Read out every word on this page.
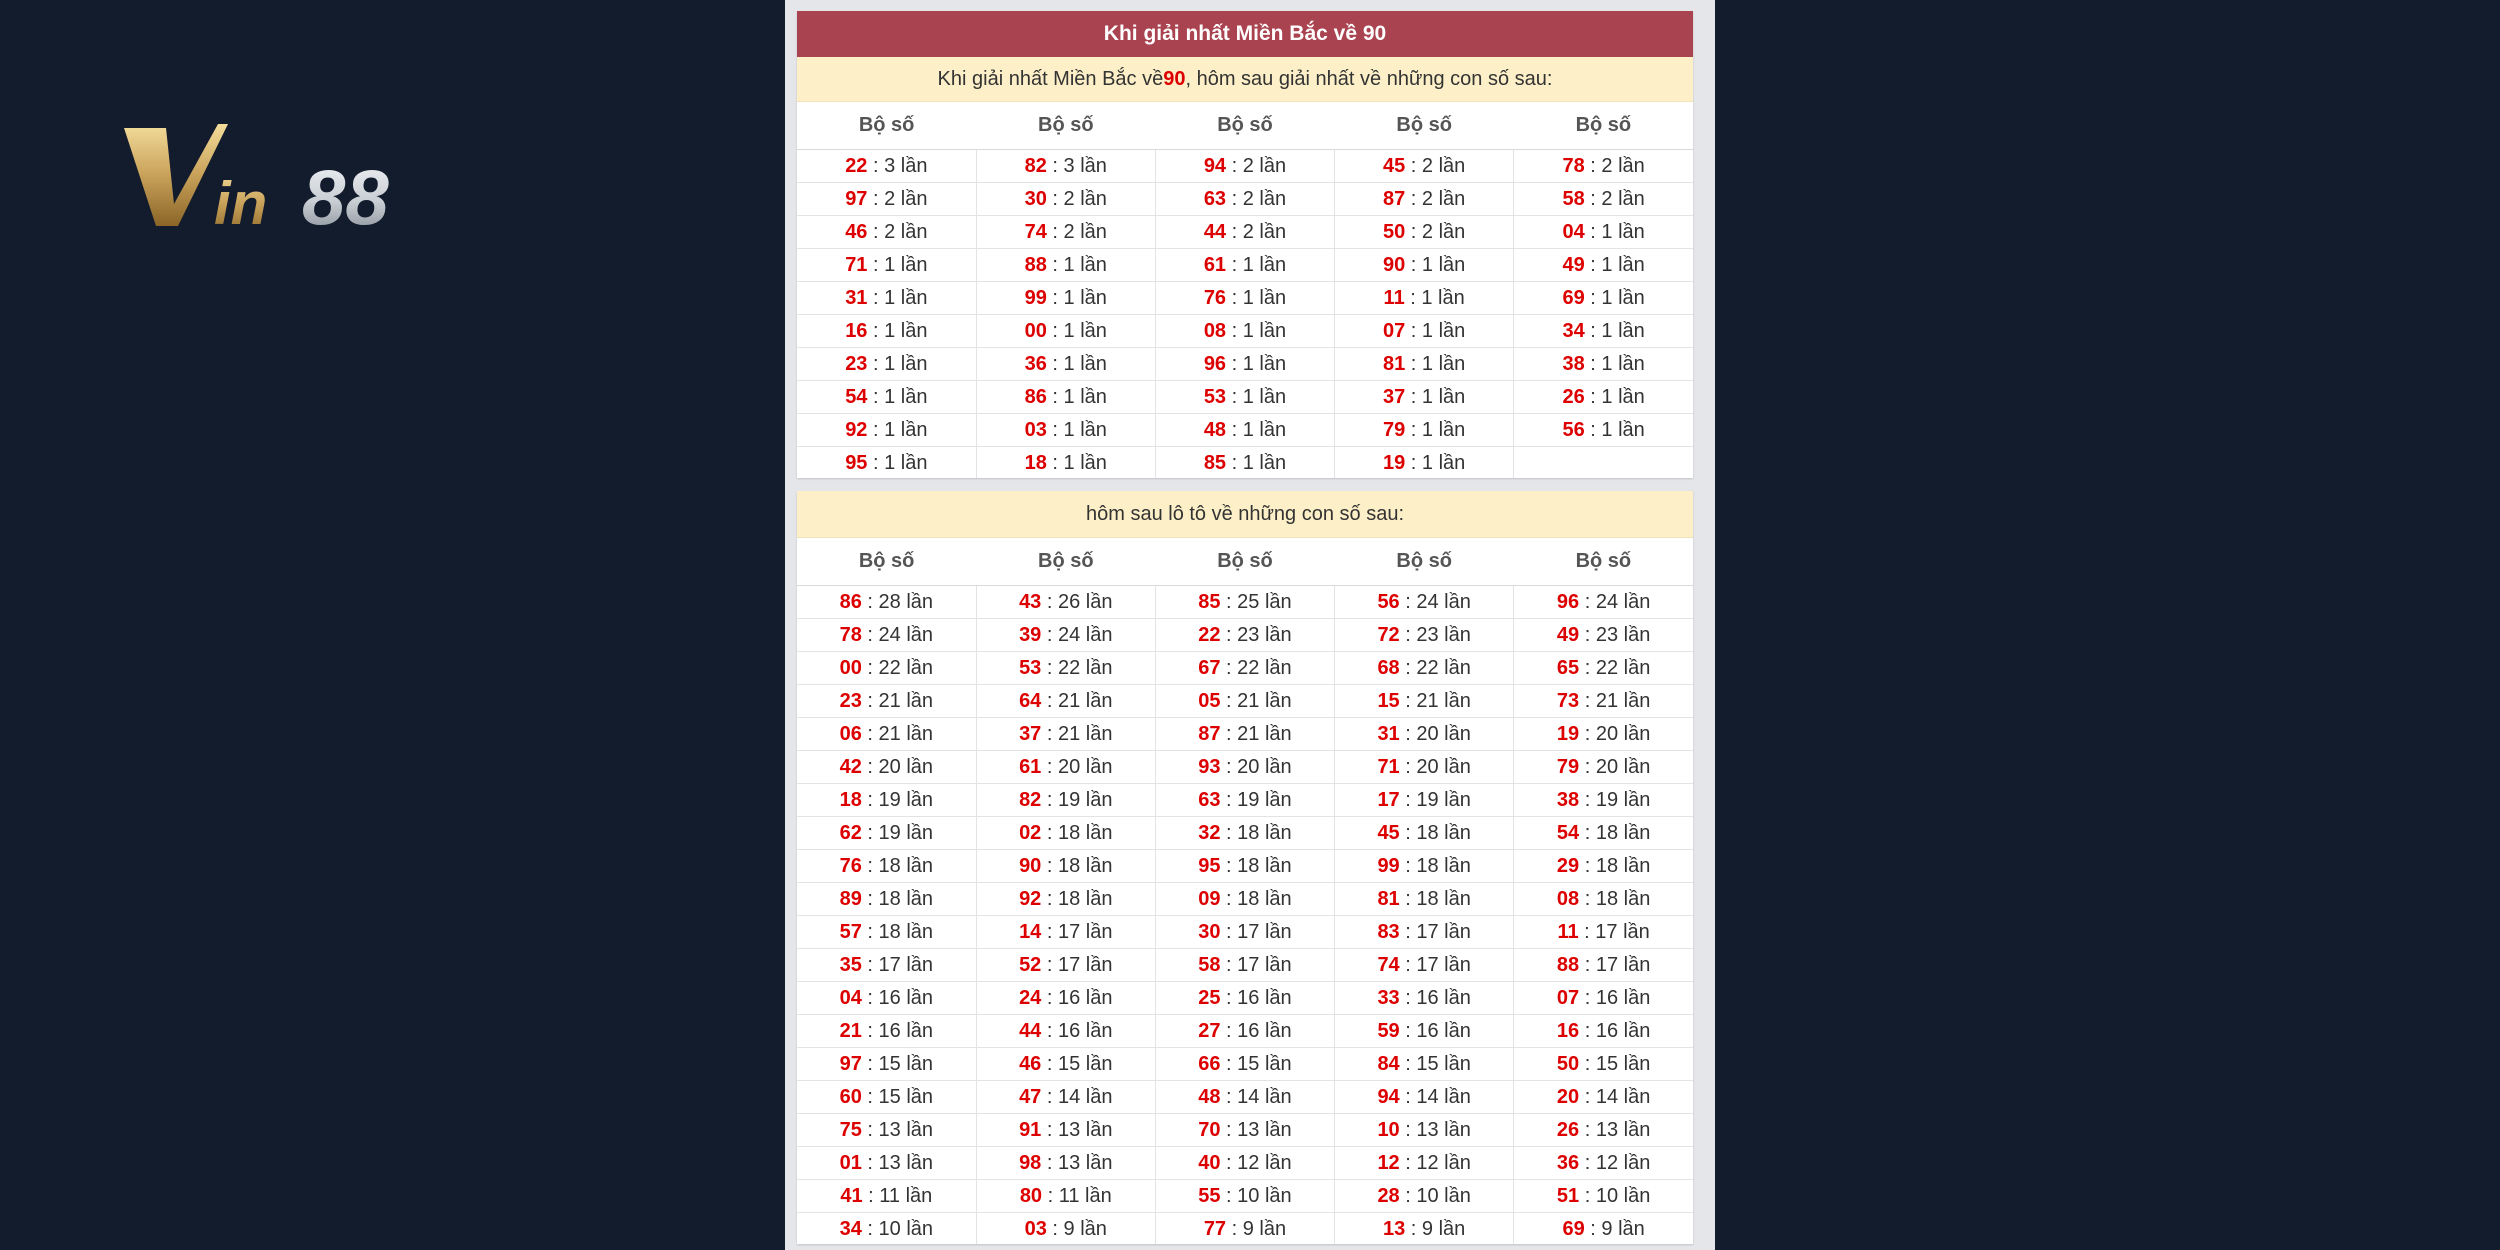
in 88
Khi giải nhất Miền Bắc về 90
Khi giải nhất Miền Bắc về 90 , hôm sau giải nhất về những con số sau:
Bộ số	Bộ số	Bộ số	Bộ số	Bộ số
22 : 3 lần	82 : 3 lần	94 : 2 lần	45 : 2 lần	78 : 2 lần
97 : 2 lần	30 : 2 lần	63 : 2 lần	87 : 2 lần	58 : 2 lần
46 : 2 lần	74 : 2 lần	44 : 2 lần	50 : 2 lần	04 : 1 lần
71 : 1 lần	88 : 1 lần	61 : 1 lần	90 : 1 lần	49 : 1 lần
31 : 1 lần	99 : 1 lần	76 : 1 lần	11 : 1 lần	69 : 1 lần
16 : 1 lần	00 : 1 lần	08 : 1 lần	07 : 1 lần	34 : 1 lần
23 : 1 lần	36 : 1 lần	96 : 1 lần	81 : 1 lần	38 : 1 lần
54 : 1 lần	86 : 1 lần	53 : 1 lần	37 : 1 lần	26 : 1 lần
92 : 1 lần	03 : 1 lần	48 : 1 lần	79 : 1 lần	56 : 1 lần
95 : 1 lần	18 : 1 lần	85 : 1 lần	19 : 1 lần	
hôm sau lô tô về những con số sau:
Bộ số	Bộ số	Bộ số	Bộ số	Bộ số
86 : 28 lần	43 : 26 lần	85 : 25 lần	56 : 24 lần	96 : 24 lần
78 : 24 lần	39 : 24 lần	22 : 23 lần	72 : 23 lần	49 : 23 lần
00 : 22 lần	53 : 22 lần	67 : 22 lần	68 : 22 lần	65 : 22 lần
23 : 21 lần	64 : 21 lần	05 : 21 lần	15 : 21 lần	73 : 21 lần
06 : 21 lần	37 : 21 lần	87 : 21 lần	31 : 20 lần	19 : 20 lần
42 : 20 lần	61 : 20 lần	93 : 20 lần	71 : 20 lần	79 : 20 lần
18 : 19 lần	82 : 19 lần	63 : 19 lần	17 : 19 lần	38 : 19 lần
62 : 19 lần	02 : 18 lần	32 : 18 lần	45 : 18 lần	54 : 18 lần
76 : 18 lần	90 : 18 lần	95 : 18 lần	99 : 18 lần	29 : 18 lần
89 : 18 lần	92 : 18 lần	09 : 18 lần	81 : 18 lần	08 : 18 lần
57 : 18 lần	14 : 17 lần	30 : 17 lần	83 : 17 lần	11 : 17 lần
35 : 17 lần	52 : 17 lần	58 : 17 lần	74 : 17 lần	88 : 17 lần
04 : 16 lần	24 : 16 lần	25 : 16 lần	33 : 16 lần	07 : 16 lần
21 : 16 lần	44 : 16 lần	27 : 16 lần	59 : 16 lần	16 : 16 lần
97 : 15 lần	46 : 15 lần	66 : 15 lần	84 : 15 lần	50 : 15 lần
60 : 15 lần	47 : 14 lần	48 : 14 lần	94 : 14 lần	20 : 14 lần
75 : 13 lần	91 : 13 lần	70 : 13 lần	10 : 13 lần	26 : 13 lần
01 : 13 lần	98 : 13 lần	40 : 12 lần	12 : 12 lần	36 : 12 lần
41 : 11 lần	80 : 11 lần	55 : 10 lần	28 : 10 lần	51 : 10 lần
34 : 10 lần	03 : 9 lần	77 : 9 lần	13 : 9 lần	69 : 9 lần
